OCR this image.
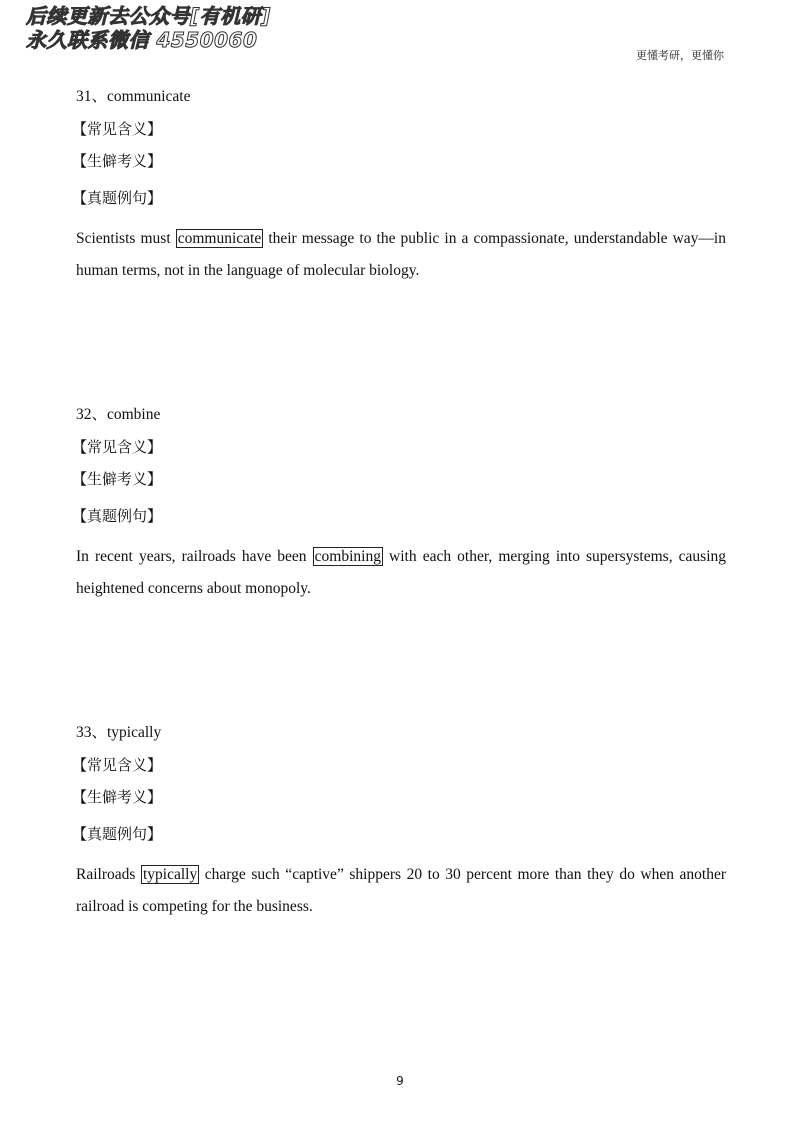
后续更新去公众号[有机研]
永久联系微信 4550060
更懂考研，更懂你
31、communicate
【常见含义】
【生僻考义】
【真题例句】
Scientists must communicate their message to the public in a compassionate, understandable way—in human terms, not in the language of molecular biology.
32、combine
【常见含义】
【生僻考义】
【真题例句】
In recent years, railroads have been combining with each other, merging into supersystems, causing heightened concerns about monopoly.
33、typically
【常见含义】
【生僻考义】
【真题例句】
Railroads typically charge such “captive” shippers 20 to 30 percent more than they do when another railroad is competing for the business.
9
